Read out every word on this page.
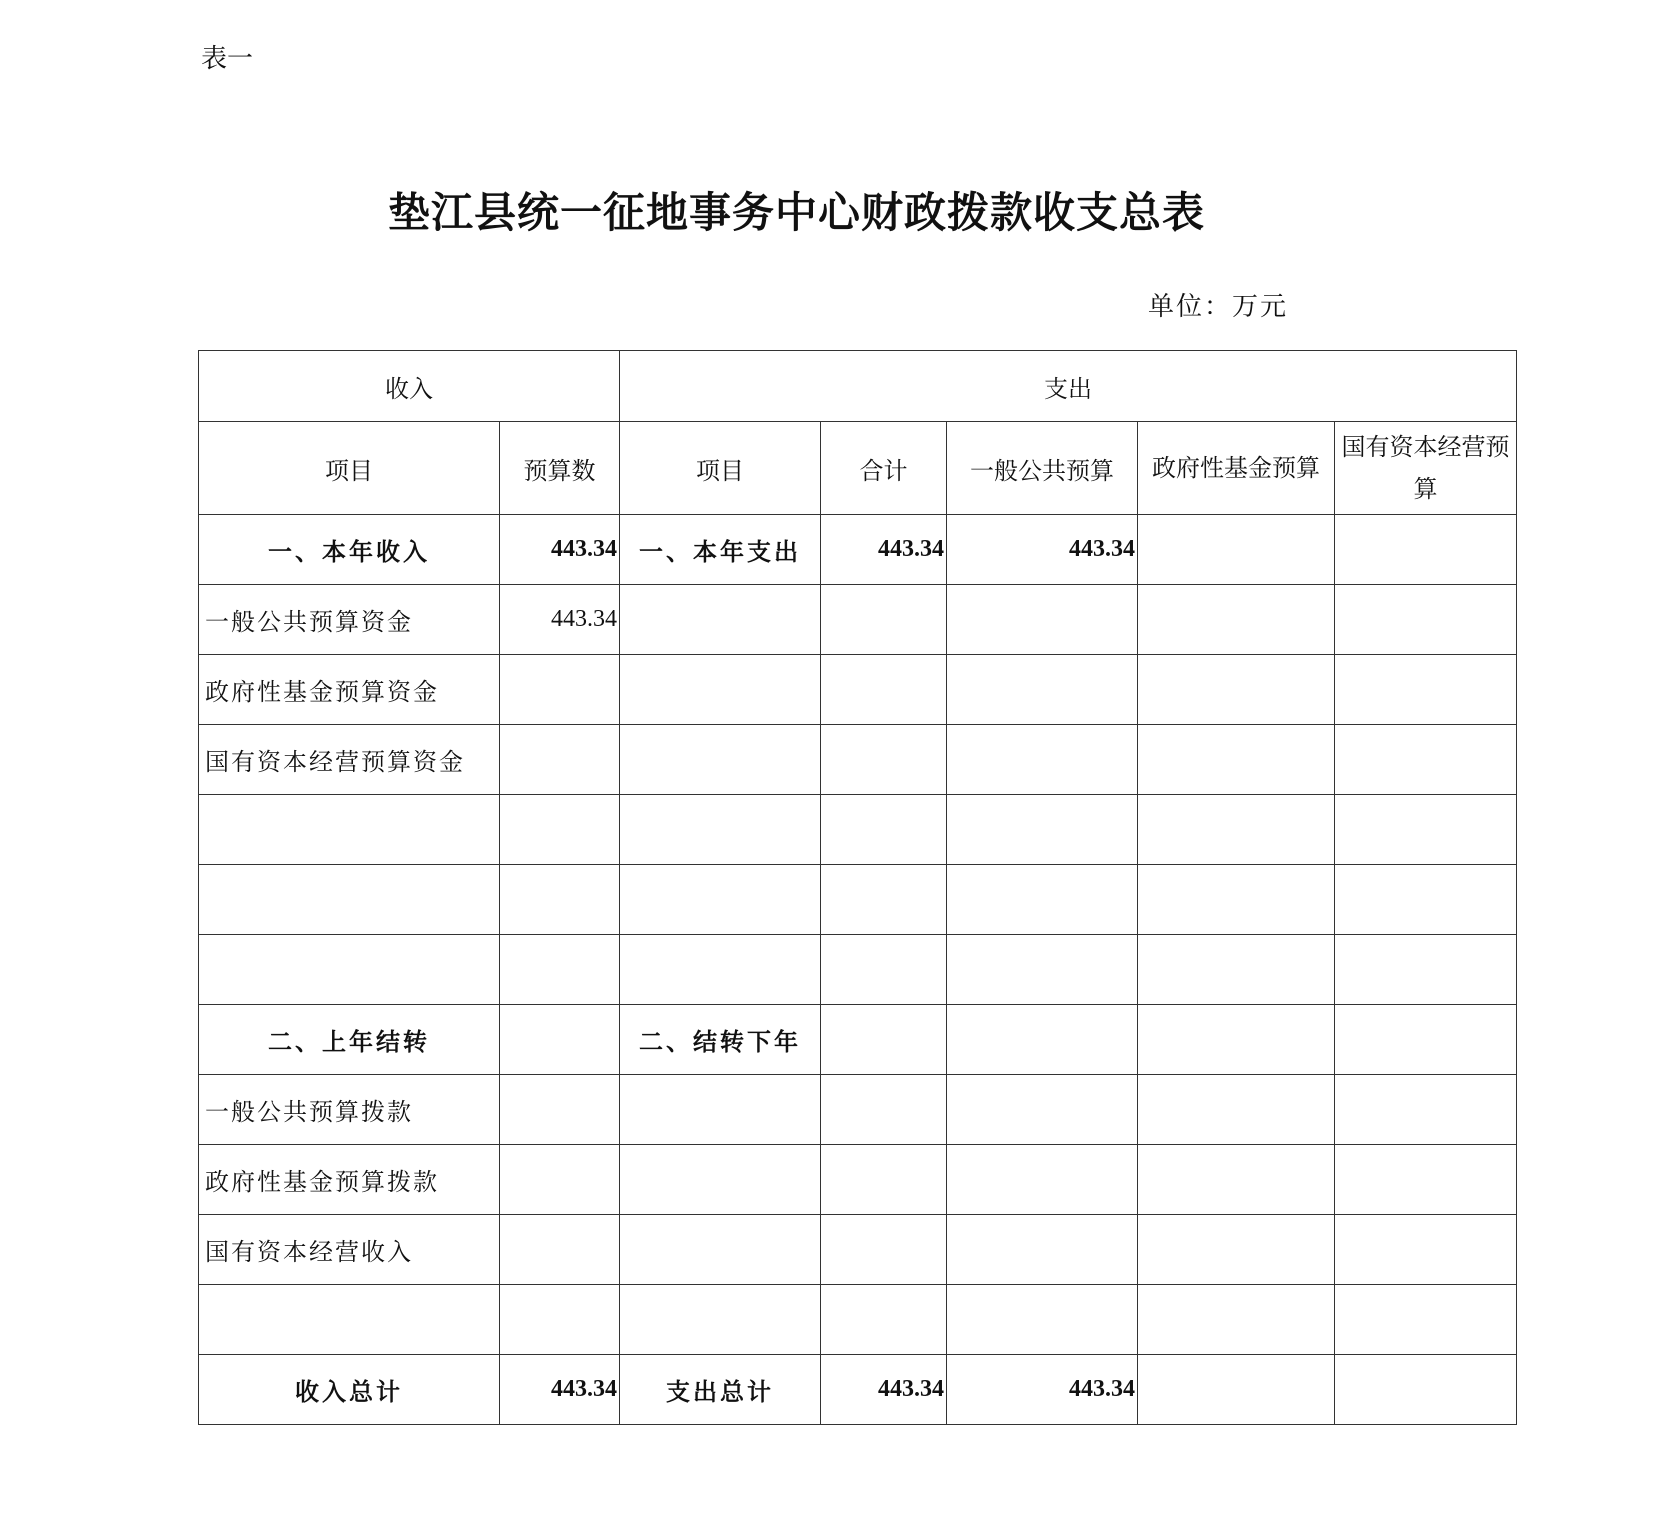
表一
垫江县统一征地事务中心财政拨款收支总表
单位：万元
收入		支出				
项目	预算数	项目	合计	一般公共预算	政府性基金预算	国有资本经营预算
一、本年收入	443.34	一、本年支出	443.34	443.34		
一般公共预算资金	443.34					
政府性基金预算资金						
国有资本经营预算资金						

二、上年结转		二、结转下年				
一般公共预算拨款						
政府性基金预算拨款						
国有资本经营收入						

收入总计	443.34	支出总计	443.34	443.34		
